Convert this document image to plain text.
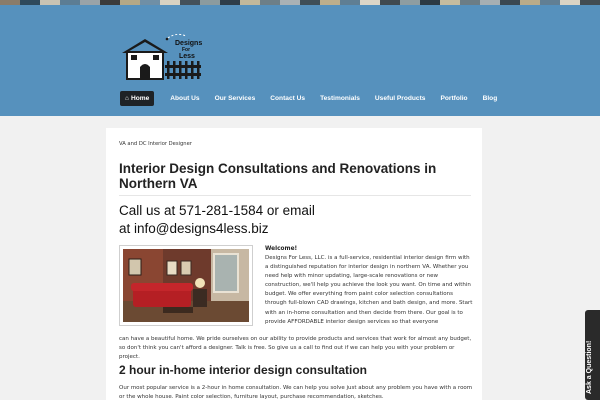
Designs
For
Less
⌂ Home	About Us	Our Services	Contact Us	Testimonials	Useful Products	Portfolio	Blog
VA and DC Interior Designer
Interior Design Consultations and Renovations in Northern VA
Call us at 571-281-1584 or email
at info@designs4less.biz
Welcome!

Designs For Less, LLC. is a full-service, residential interior design firm with a distinguished reputation for interior design in northern VA. Whether you need help with minor updating, large-scale renovations or new construction, we'll help you achieve the look you want. On time and within budget. We offer everything from paint color selection consultations through full-blown CAD drawings, kitchen and bath design, and more. Start with an in-home consultation and then decide from there. Our goal is to provide AFFORDABLE interior design services so that everyone

can have a beautiful home. We pride ourselves on our ability to provide products and services that work for almost any budget, so don't think you can't afford a designer. Talk is free. So give us a call to find out if we can help you with your problem or project.

2 hour in-home interior design consultation

Our most popular service is a 2-hour in home consultation. We can help you solve just about any problem you have with a room or the whole house. Paint color selection, furniture layout, purchase recommendation, sketches.

Ask a Question!
